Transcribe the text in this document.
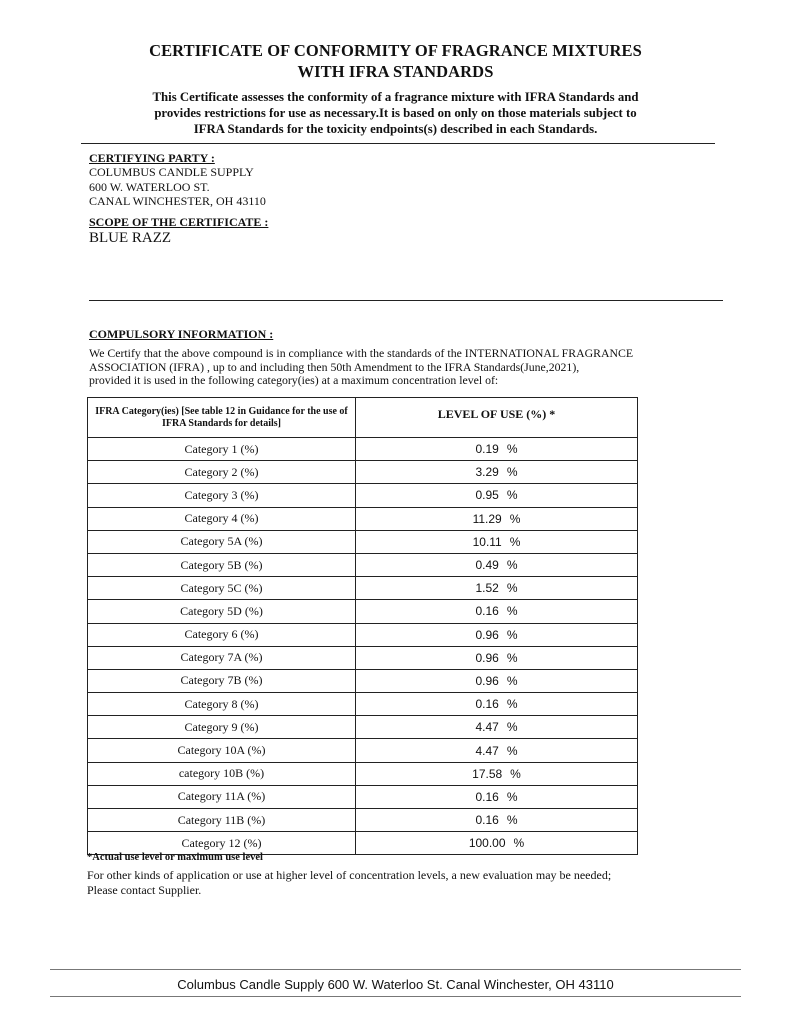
CERTIFICATE OF CONFORMITY OF FRAGRANCE MIXTURES
WITH IFRA STANDARDS
This Certificate assesses the conformity of a fragrance mixture with IFRA Standards and
provides restrictions for use as necessary.It is based on only on those materials subject to
IFRA Standards for the toxicity endpoints(s) described in each Standards.
CERTIFYING PARTY :
COLUMBUS CANDLE SUPPLY
600 W. WATERLOO ST.
CANAL WINCHESTER, OH 43110
SCOPE OF THE CERTIFICATE :
BLUE RAZZ
COMPULSORY INFORMATION :
We Certify that the above compound is in compliance with the standards of the INTERNATIONAL FRAGRANCE
ASSOCIATION (IFRA) , up to and including then 50th Amendment to the IFRA Standards(June,2021),
provided it is used in the following category(ies) at a maximum concentration level of:
IFRA Category(ies) [See table 12 in Guidance for the use of IFRA Standards for details]	LEVEL OF USE (%) *
Category 1 (%)	0.19 %
Category 2 (%)	3.29 %
Category 3 (%)	0.95 %
Category 4 (%)	11.29 %
Category 5A (%)	10.11 %
Category 5B (%)	0.49 %
Category 5C (%)	1.52 %
Category 5D (%)	0.16 %
Category 6 (%)	0.96 %
Category 7A (%)	0.96 %
Category 7B (%)	0.96 %
Category 8 (%)	0.16 %
Category 9 (%)	4.47 %
Category 10A (%)	4.47 %
category 10B (%)	17.58 %
Category 11A (%)	0.16 %
Category 11B (%)	0.16 %
Category 12 (%)	100.00 %
*Actual use level or maximum use level
For other kinds of application or use at higher level of concentration levels, a new evaluation may be needed;
Please contact Supplier.
Columbus Candle Supply 600 W. Waterloo St. Canal Winchester, OH 43110
